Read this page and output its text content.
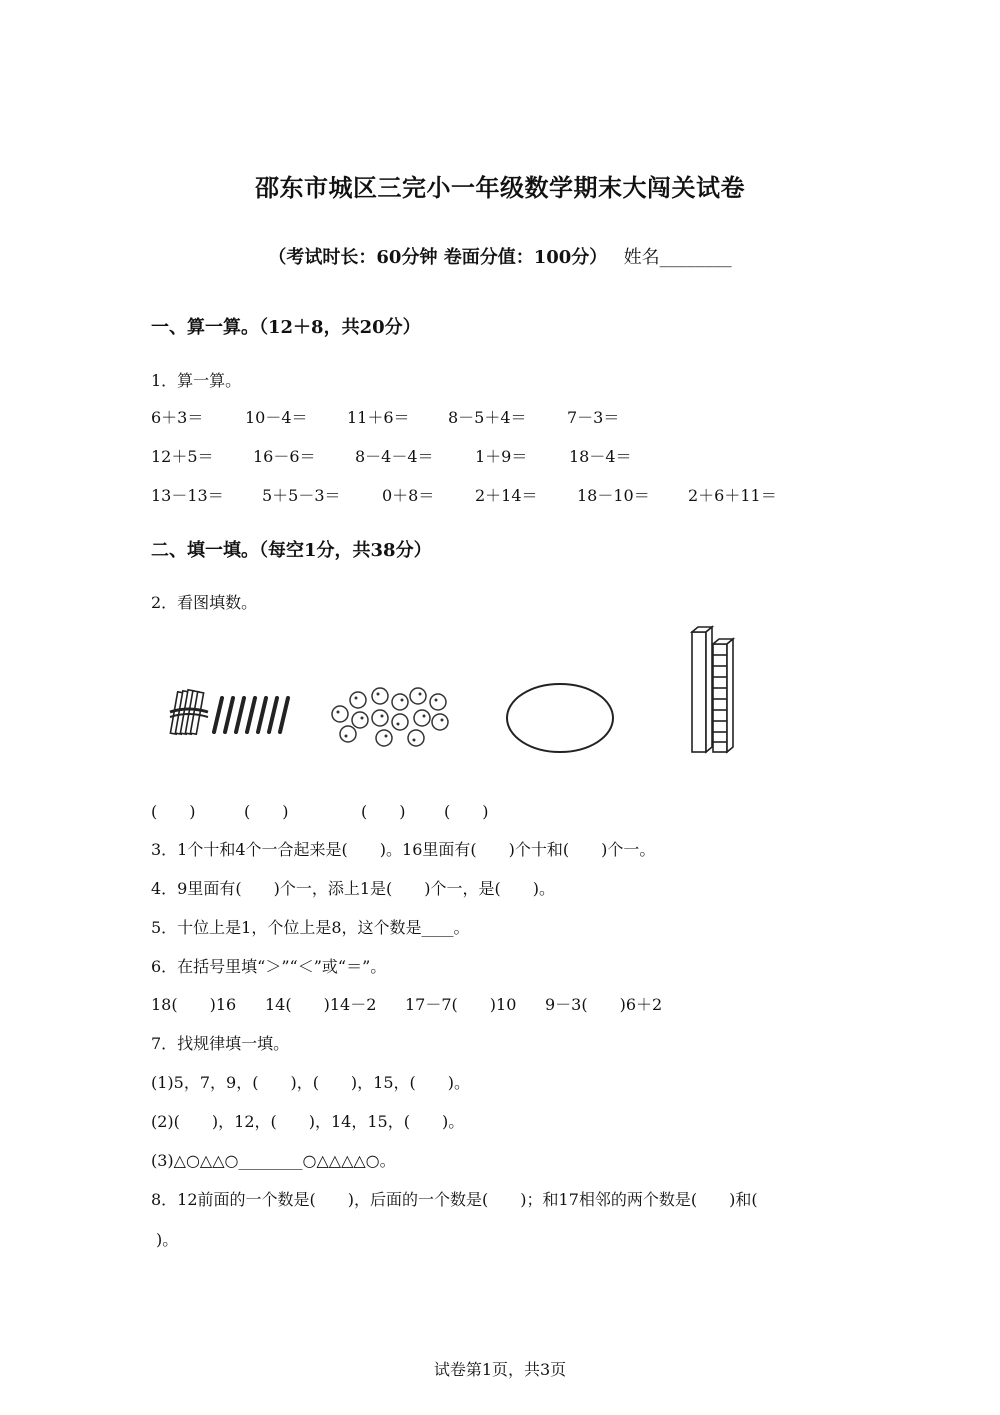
邵东市城区三完小一年级数学期末大闯关试卷
（考试时长：60分钟 卷面分值：100分） 姓名________
一、算一算。（12＋8，共20分）
1．算一算。
6＋3＝	10－4＝ 11＋6＝ 8－5＋4＝	7－3＝
12＋5＝ 16－6＝ 8－4－4＝	1＋9＝	18－4＝
13－13＝ 5＋5－3＝	0＋8＝	2＋14＝ 18－10＝ 2＋6＋11＝
二、填一填。（每空1分，共38分）
2．看图填数。
(　　)	(　　)	(　　) (　　)
3．1个十和4个一合起来是(　　)。16里面有(　　)个十和(　　)个一。
4．9里面有(　　)个一，添上1是(　　)个一，是(　　)。
5．十位上是1，个位上是8，这个数是____。
6．在括号里填“＞”“＜”或“＝”。
18(　　)16 14(　　)14－2 17－7(　　)10 9－3(　　)6＋2
7．找规律填一填。
(1)5，7，9，(　　)，(　　)，15，(　　)。
(2)(　　)，12，(　　)，14，15，(　　)。
(3)△○△△○________○△△△△○。
8．12前面的一个数是(　　)，后面的一个数是(　　)；和17相邻的两个数是(　　)和(
)。
试卷第1页，共3页
